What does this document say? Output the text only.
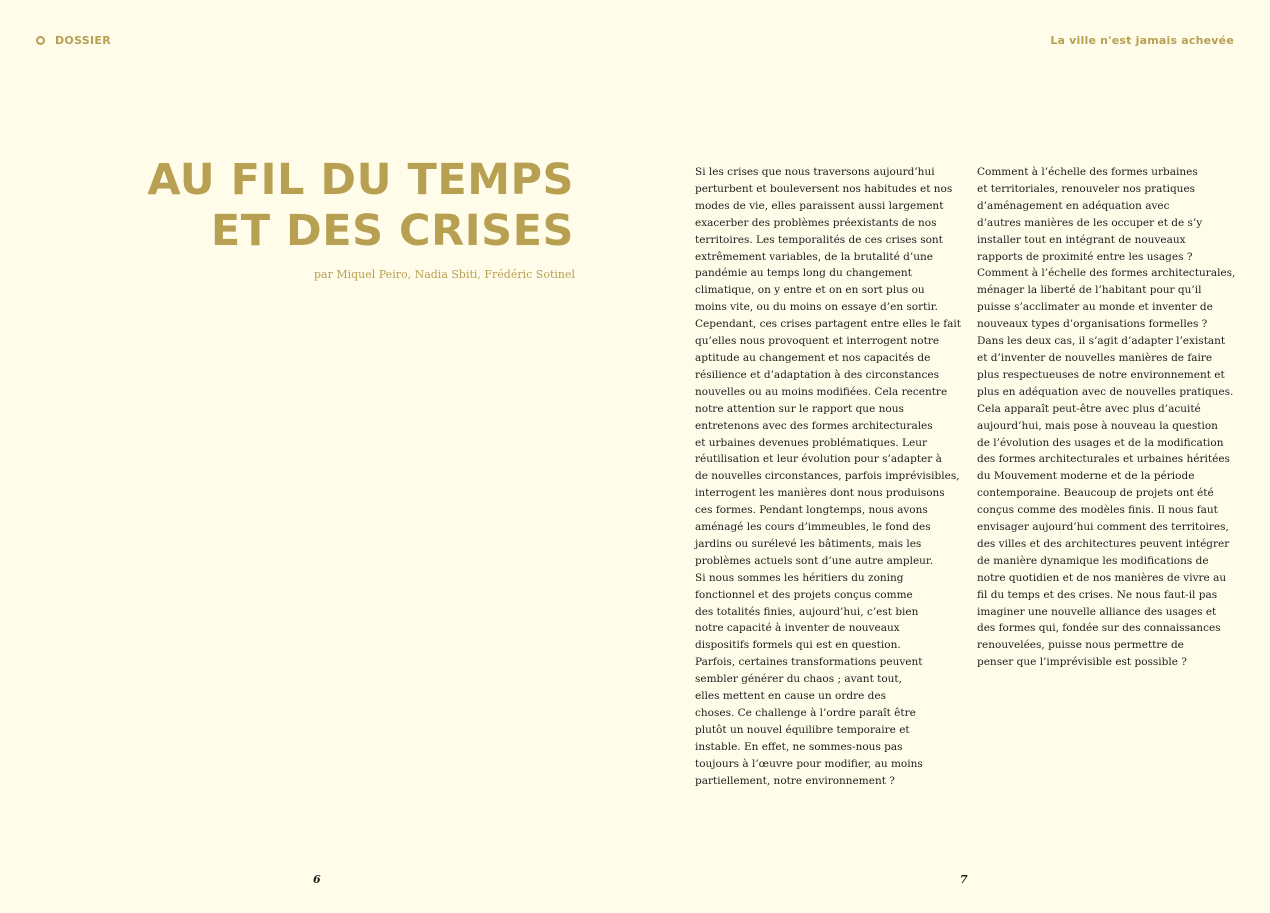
DOSSIER	La ville n'est jamais achevée
AU FIL DU TEMPS
ET DES CRISES
par Miquel Peiro, Nadia Sbiti, Frédéric Sotinel
Si les crises que nous traversons aujourd’hui
perturbent et bouleversent nos habitudes et nos
modes de vie, elles paraissent aussi largement
exacerber des problèmes préexistants de nos
territoires. Les temporalités de ces crises sont
extrêmement variables, de la brutalité d’une
pandémie au temps long du changement
climatique, on y entre et on en sort plus ou
moins vite, ou du moins on essaye d’en sortir.
Cependant, ces crises partagent entre elles le fait
qu’elles nous provoquent et interrogent notre
aptitude au changement et nos capacités de
résilience et d’adaptation à des circonstances
nouvelles ou au moins modifiées. Cela recentre
notre attention sur le rapport que nous
entretenons avec des formes architecturales
et urbaines devenues problématiques. Leur
réutilisation et leur évolution pour s’adapter à
de nouvelles circonstances, parfois imprévisibles,
interrogent les manières dont nous produisons
ces formes. Pendant longtemps, nous avons
aménagé les cours d’immeubles, le fond des
jardins ou surélevé les bâtiments, mais les
problèmes actuels sont d’une autre ampleur.
Si nous sommes les héritiers du zoning
fonctionnel et des projets conçus comme
des totalités finies, aujourd’hui, c’est bien
notre capacité à inventer de nouveaux
dispositifs formels qui est en question.
Parfois, certaines transformations peuvent
sembler générer du chaos ; avant tout,
elles mettent en cause un ordre des
choses. Ce challenge à l’ordre paraît être
plutôt un nouvel équilibre temporaire et
instable. En effet, ne sommes-nous pas
toujours à l’œuvre pour modifier, au moins
partiellement, notre environnement ?
Comment à l’échelle des formes urbaines
et territoriales, renouveler nos pratiques
d’aménagement en adéquation avec
d’autres manières de les occuper et de s’y
installer tout en intégrant de nouveaux
rapports de proximité entre les usages ?
Comment à l’échelle des formes architecturales,
ménager la liberté de l’habitant pour qu’il
puisse s’acclimater au monde et inventer de
nouveaux types d’organisations formelles ?
Dans les deux cas, il s’agit d’adapter l’existant
et d’inventer de nouvelles manières de faire
plus respectueuses de notre environnement et
plus en adéquation avec de nouvelles pratiques.
Cela apparaît peut-être avec plus d’acuité
aujourd’hui, mais pose à nouveau la question
de l’évolution des usages et de la modification
des formes architecturales et urbaines héritées
du Mouvement moderne et de la période
contemporaine. Beaucoup de projets ont été
conçus comme des modèles finis. Il nous faut
envisager aujourd’hui comment des territoires,
des villes et des architectures peuvent intégrer
de manière dynamique les modifications de
notre quotidien et de nos manières de vivre au
fil du temps et des crises. Ne nous faut-il pas
imaginer une nouvelle alliance des usages et
des formes qui, fondée sur des connaissances
renouvelées, puisse nous permettre de
penser que l’imprévisible est possible ?
6	7
